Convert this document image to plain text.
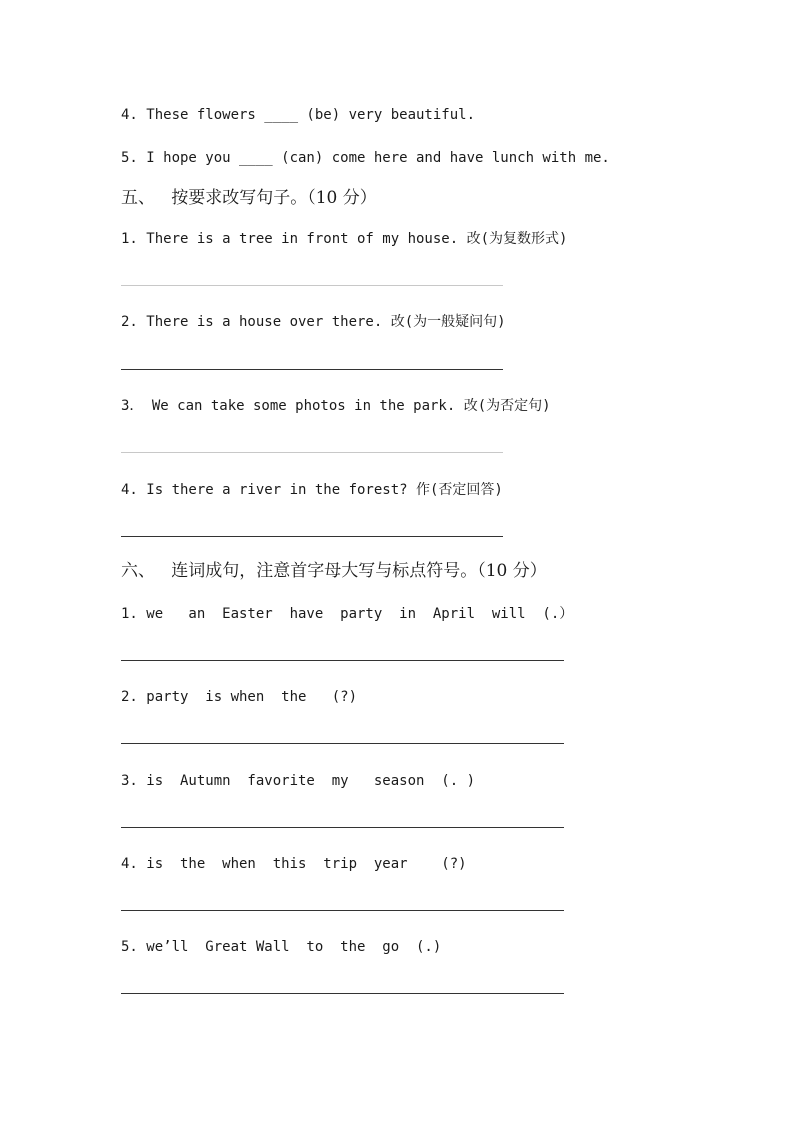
4. These flowers ____ (be) very beautiful.
5. I hope you ____ (can) come here and have lunch with me.
五、   按要求改写句子。（10 分）
1. There is a tree in front of my house. 改(为复数形式)
2. There is a house over there. 改(为一般疑问句)
3． We can take some photos in the park. 改(为否定句)
4. Is there a river in the forest? 作(否定回答)
六、   连词成句，注意首字母大写与标点符号。（10 分）
1. we   an  Easter  have  party  in  April  will  (.）
2. party  is when  the   (?)
3. is  Autumn  favorite  my   season  (. )
4. is  the  when  this  trip  year    (?)
5. we’ll  Great Wall  to  the  go  (.)
